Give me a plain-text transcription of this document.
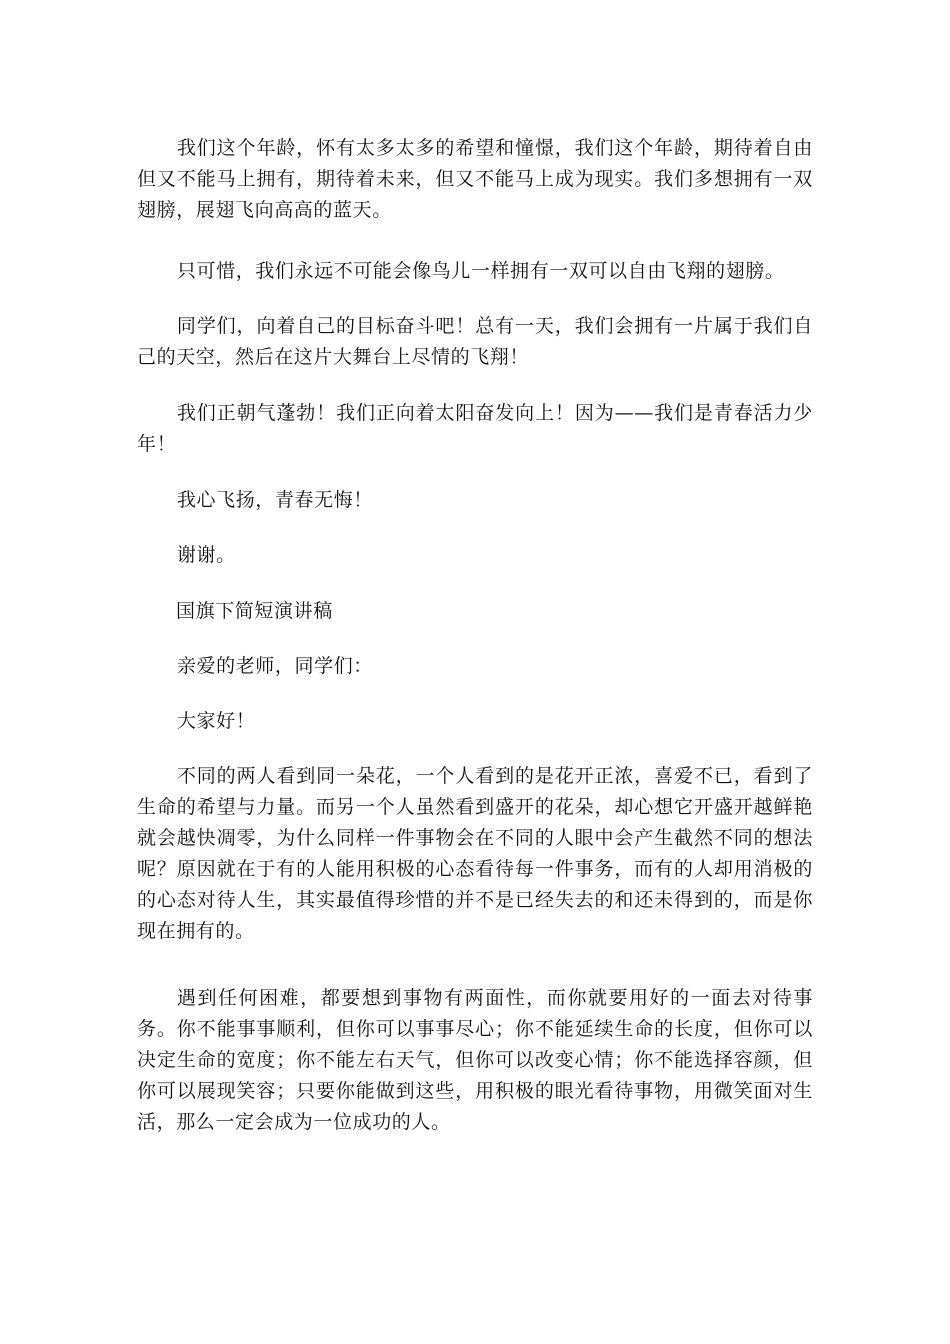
我们这个年龄，怀有太多太多的希望和憧憬，我们这个年龄，期待着自由但又不能马上拥有，期待着未来，但又不能马上成为现实。我们多想拥有一双翅膀，展翅飞向高高的蓝天。

只可惜，我们永远不可能会像鸟儿一样拥有一双可以自由飞翔的翅膀。

同学们，向着自己的目标奋斗吧！总有一天，我们会拥有一片属于我们自己的天空，然后在这片大舞台上尽情的飞翔！

我们正朝气蓬勃！我们正向着太阳奋发向上！因为——我们是青春活力少年！

我心飞扬，青春无悔！

谢谢。

国旗下简短演讲稿

亲爱的老师，同学们：

大家好！

不同的两人看到同一朵花，一个人看到的是花开正浓，喜爱不已，看到了生命的希望与力量。而另一个人虽然看到盛开的花朵，却心想它开盛开越鲜艳就会越快凋零，为什么同样一件事物会在不同的人眼中会产生截然不同的想法呢？原因就在于有的人能用积极的心态看待每一件事务，而有的人却用消极的的心态对待人生，其实最值得珍惜的并不是已经失去的和还未得到的，而是你现在拥有的。

遇到任何困难，都要想到事物有两面性，而你就要用好的一面去对待事务。你不能事事顺利，但你可以事事尽心；你不能延续生命的长度，但你可以决定生命的宽度；你不能左右天气，但你可以改变心情；你不能选择容颜，但你可以展现笑容；只要你能做到这些，用积极的眼光看待事物，用微笑面对生活，那么一定会成为一位成功的人。
